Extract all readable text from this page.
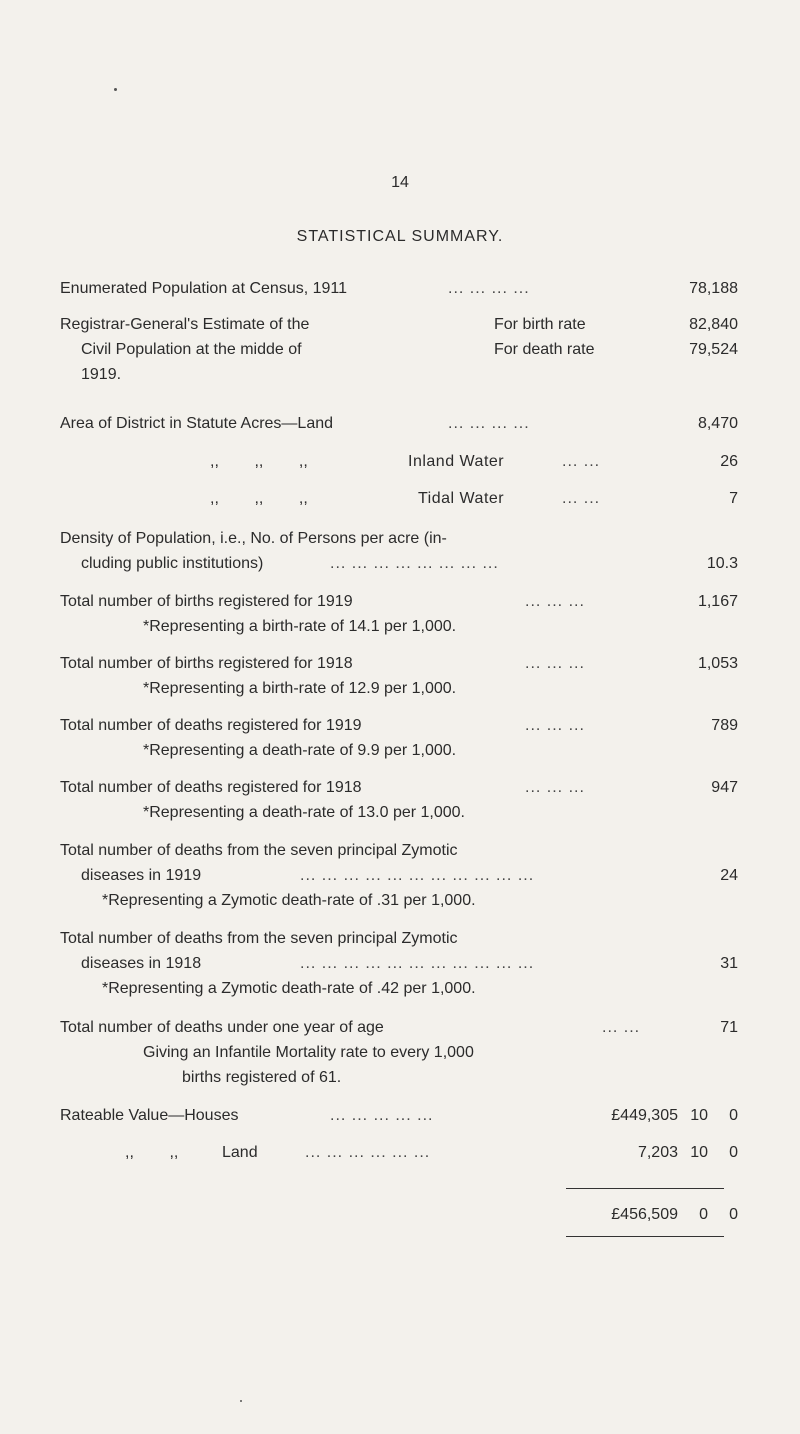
14
STATISTICAL SUMMARY.
Enumerated Population at Census, 1911	... ... ... ...	78,188
Registrar-General's Estimate of the
Civil Population at the midde of
1919.
For birth rate	82,840
For death rate	79,524
Area of District in Statute Acres—Land	... ... ... ...	8,470
,,        ,,        ,,	Inland Water	... ...	26
,,        ,,        ,,	Tidal Water	... ...	7
Density of Population, i.e., No. of Persons per acre (in-
cluding public institutions)	... ... ... ... ... ... ... ...	10.3
Total number of births registered for 1919	... ... ...	1,167
*Representing a birth-rate of 14.1 per 1,000.
Total number of births registered for 1918	... ... ...	1,053
*Representing a birth-rate of 12.9 per 1,000.
Total number of deaths registered for 1919	... ... ...	789
*Representing a death-rate of 9.9 per 1,000.
Total number of deaths registered for 1918	... ... ...	947
*Representing a death-rate of 13.0 per 1,000.
Total number of deaths from the seven principal Zymotic
diseases in 1919	... ... ... ... ... ... ... ... ... ... ...	24
*Representing a Zymotic death-rate of .31 per 1,000.
Total number of deaths from the seven principal Zymotic
diseases in 1918	... ... ... ... ... ... ... ... ... ... ...	31
*Representing a Zymotic death-rate of .42 per 1,000.
Total number of deaths under one year of age	... ...	71
Giving an Infantile Mortality rate to every 1,000
births registered of 61.
Rateable Value—Houses	... ... ... ... ...	£449,305 10 0
,,        ,,	Land	... ... ... ... ... ...	7,203 10 0
£456,509 0 0
